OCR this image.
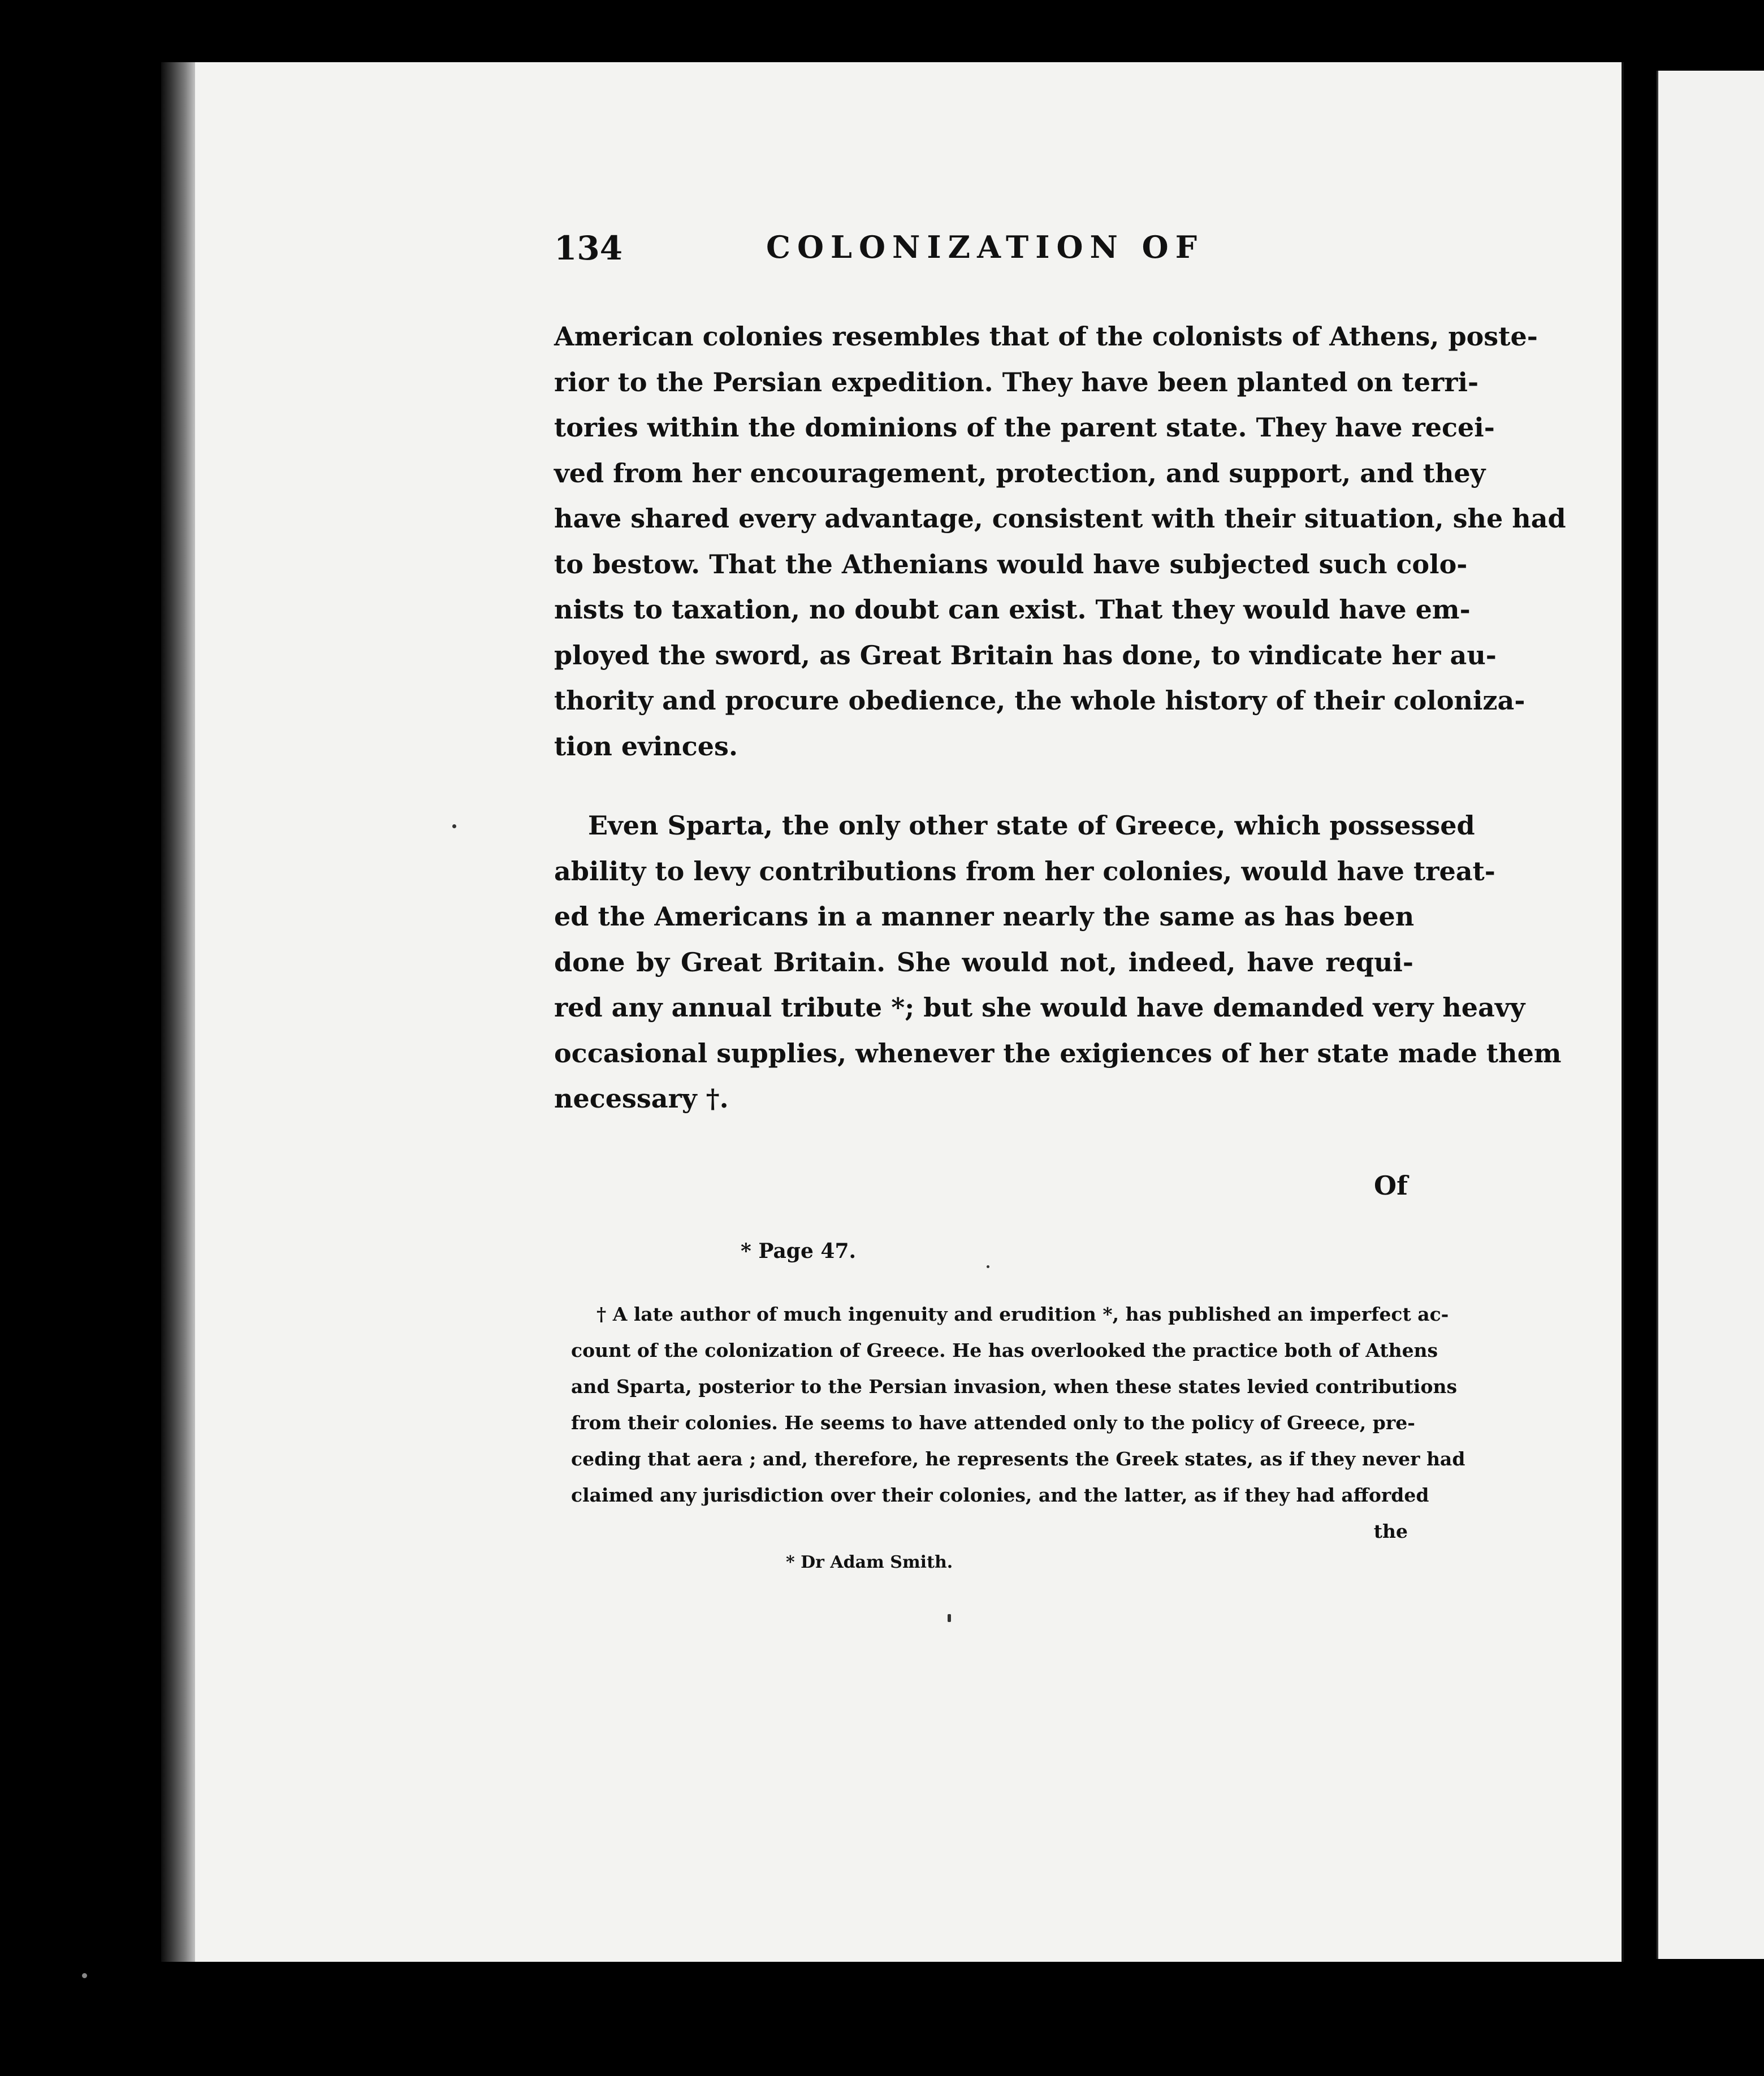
134	COLONIZATION OF
American colonies resembles that of the colonists of Athens, poste-
rior to the Persian expedition. They have been planted on terri-
tories within the dominions of the parent state. They have recei-
ved from her encouragement, protection, and support, and they
have shared every advantage, consistent with their situation, she had
to bestow. That the Athenians would have subjected such colo-
nists to taxation, no doubt can exist. That they would have em-
ployed the sword, as Great Britain has done, to vindicate her au-
thority and procure obedience, the whole history of their coloniza-
tion evinces.
Even Sparta, the only other state of Greece, which possessed
ability to levy contributions from her colonies, would have treat-
ed the Americans in a manner nearly the same as has been
done by Great Britain. She would not, indeed, have requi-
red any annual tribute *; but she would have demanded very heavy
occasional supplies, whenever the exigiences of her state made them
necessary †.
Of
* Page 47.
† A late author of much ingenuity and erudition *, has published an imperfect ac-
count of the colonization of Greece. He has overlooked the practice both of Athens
and Sparta, posterior to the Persian invasion, when these states levied contributions
from their colonies. He seems to have attended only to the policy of Greece, pre-
ceding that aera ; and, therefore, he represents the Greek states, as if they never had
claimed any jurisdiction over their colonies, and the latter, as if they had afforded
the
* Dr Adam Smith.
